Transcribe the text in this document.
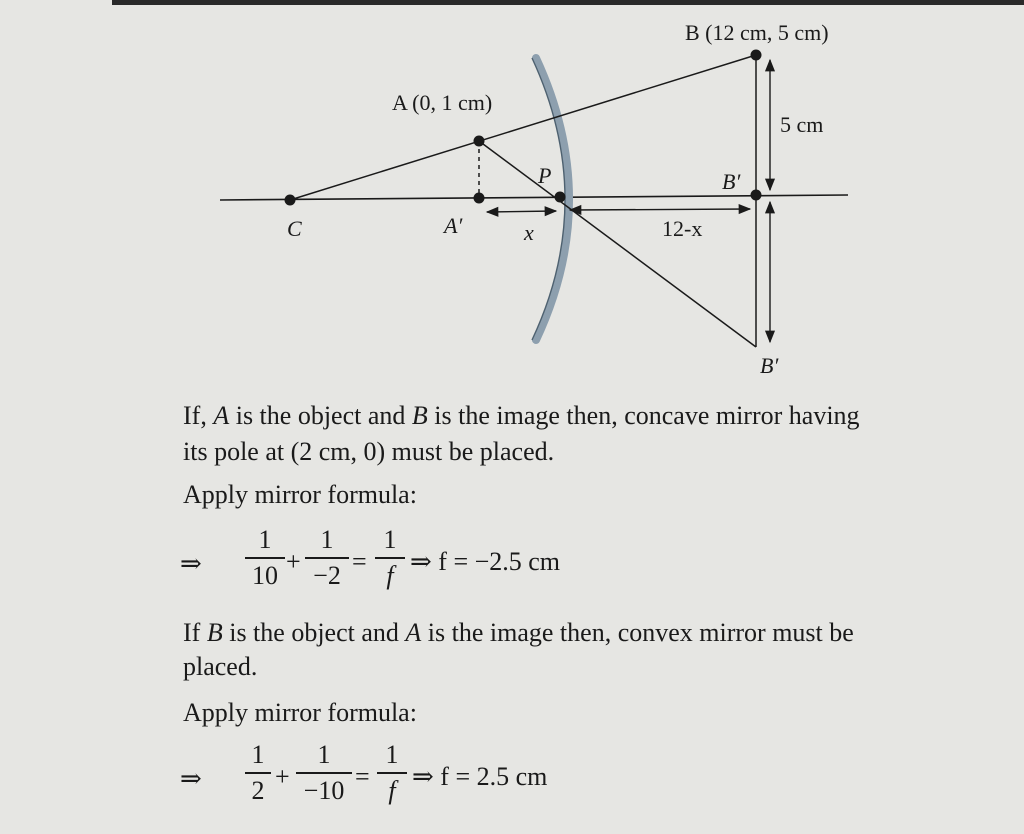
B (12 cm, 5 cm)
A (0, 1 cm)
5 cm
P	B′
C	A′	x	12-x
B′

If, A is the object and B is the image then, concave mirror having

its pole at (2 cm, 0) must be placed.

Apply mirror formula:

⇒
1
10 +
1
−2 =
1
f ⇒ f = −2.5 cm

If B is the object and A is the image then, convex mirror must be

placed.

Apply mirror formula:

⇒
1
2 +
1
−10 =
1
f ⇒ f = 2.5 cm
